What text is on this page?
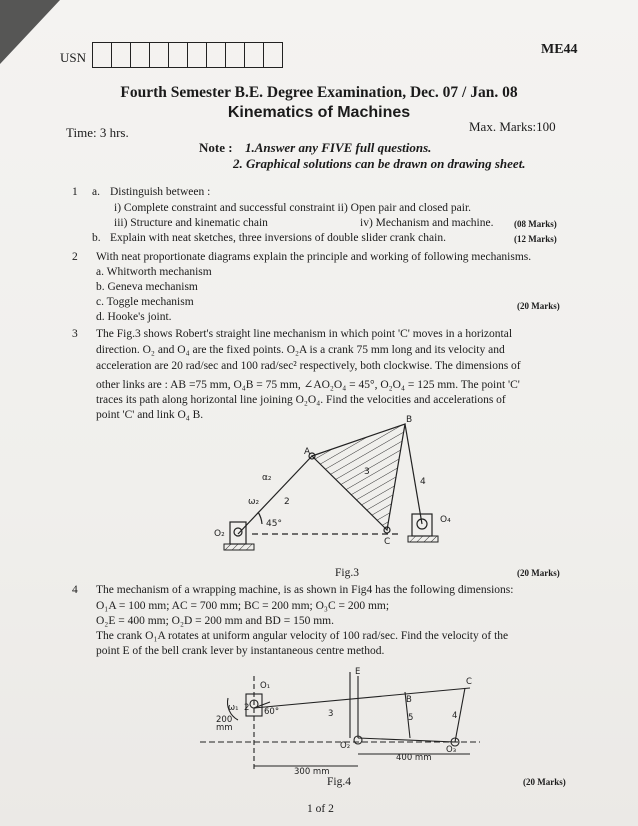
USN
ME44
Fourth Semester B.E. Degree Examination, Dec. 07 / Jan. 08
Kinematics of Machines
Time: 3 hrs.	Max. Marks:100
Note : 1.Answer any FIVE full questions.
2. Graphical solutions can be drawn on drawing sheet.
1 a. Distinguish between :
i) Complete constraint and successful constraint ii) Open pair and closed pair.
iii) Structure and kinematic chain	iv) Mechanism and machine. (08 Marks)
b. Explain with neat sketches, three inversions of double slider crank chain.	(12 Marks)
2 With neat proportionate diagrams explain the principle and working of following mechanisms.
a. Whitworth mechanism
b. Geneva mechanism
c. Toggle mechanism
d. Hooke's joint.
(20 Marks)
3 The Fig.3 shows Robert's straight line mechanism in which point 'C' moves in a horizontal
direction. O₂ and O₄ are the fixed points. O₂A is a crank 75 mm long and its velocity and
acceleration are 20 rad/sec and 100 rad/sec² respectively, both clockwise. The dimensions of
other links are : AB =75 mm, O₄B = 75 mm, ∠AO₂O₄ = 45°, O₂O₄ = 125 mm. The point 'C'
traces its path along horizontal line joining O₂O₄. Find the velocities and accelerations of
point 'C' and link O₄ B.
O₂
O₄
A
B
C
45°
4
3
ω₂
α₂
2
Fig.3	(20 Marks)
4 The mechanism of a wrapping machine, is as shown in Fig4 has the following dimensions:
O₁A = 100 mm; AC = 700 mm; BC = 200 mm; O₃C = 200 mm;
O₂E = 400 mm; O₂D = 200 mm and BD = 150 mm.
The crank O₁A rotates at uniform angular velocity of 100 rad/sec. Find the velocity of the
point E of the bell crank lever by instantaneous centre method.
O₁
E
60°
200
mm
3
B
C
5	4
O₂	O₃
300 mm
400 mm
2
ω₁
Fig.4	(20 Marks)
1 of 2
